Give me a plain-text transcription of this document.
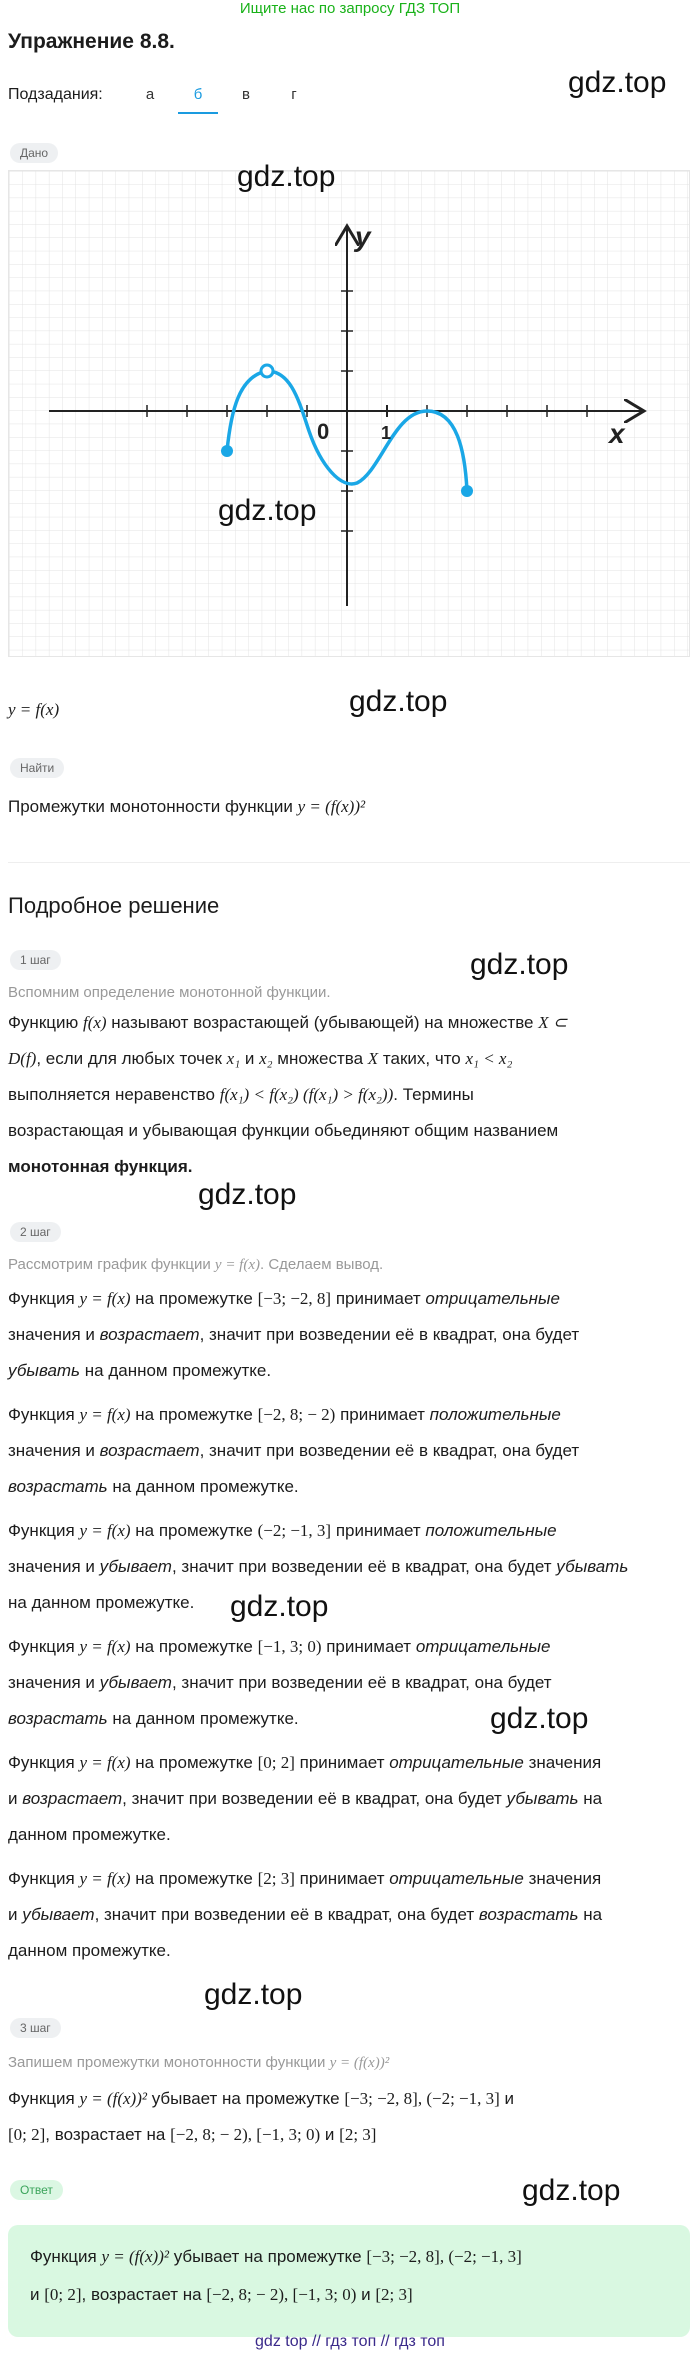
Ищите нас по запросу ГДЗ ТОП
Упражнение 8.8.
Подзадания:	а	б	в	г	gdz.top
Дано
y
x
0	1
gdz.top
gdz.top
y = f(x)	gdz.top
Найти
Промежутки монотонности функции y = (f(x))²
Подробное решение
1 шаг	gdz.top
Вспомним определение монотонной функции.
Функцию f(x) называют возрастающей (убывающей) на множестве X ⊂
D(f), если для любых точек x₁ и x₂ множества X таких, что x₁ < x₂
выполняется неравенство f(x₁) < f(x₂) (f(x₁) > f(x₂)). Термины
возрастающая и убывающая функции обьединяют общим названием
монотонная функция.
gdz.top
2 шаг
Рассмотрим график функции y = f(x). Сделаем вывод.
Функция y = f(x) на промежутке [−3; −2, 8] принимает отрицательные
значения и возрастает, значит при возведении её в квадрат, она будет
убывать на данном промежутке.
Функция y = f(x) на промежутке [−2, 8; − 2) принимает положительные
значения и возрастает, значит при возведении её в квадрат, она будет
возрастать на данном промежутке.
Функция y = f(x) на промежутке (−2; −1, 3] принимает положительные
значения и убывает, значит при возведении её в квадрат, она будет убывать
на данном промежутке. gdz.top
Функция y = f(x) на промежутке [−1, 3; 0) принимает отрицательные
значения и убывает, значит при возведении её в квадрат, она будет
возрастать на данном промежутке.	gdz.top
Функция y = f(x) на промежутке [0; 2] принимает отрицательные значения
и возрастает, значит при возведении её в квадрат, она будет убывать на
данном промежутке.
Функция y = f(x) на промежутке [2; 3] принимает отрицательные значения
и убывает, значит при возведении её в квадрат, она будет возрастать на
данном промежутке.
gdz.top
3 шаг
Запишем промежутки монотонности функции y = (f(x))²
Функция y = (f(x))² убывает на промежутке [−3; −2, 8], (−2; −1, 3] и
[0; 2], возрастает на [−2, 8; − 2), [−1, 3; 0) и [2; 3]
Ответ	gdz.top
Функция y = (f(x))² убывает на промежутке [−3; −2, 8], (−2; −1, 3]
и [0; 2], возрастает на [−2, 8; − 2), [−1, 3; 0) и [2; 3]
gdz top // гдз топ // гдз топ
